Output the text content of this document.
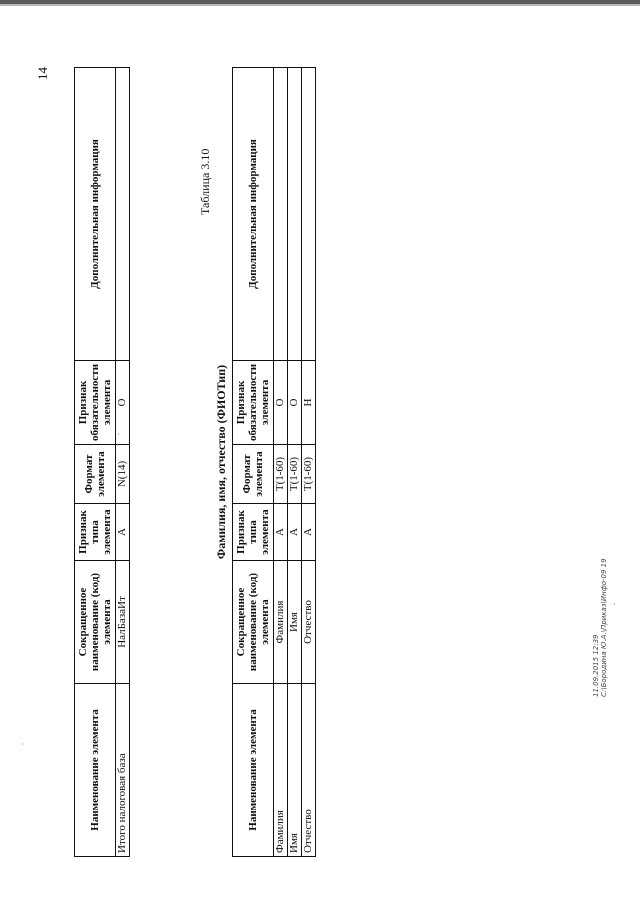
14
Наименование элемента	Сокращенное наименование (код) элемента	Признак типа элемента	Формат элемента	Признак обязательности элемента	Дополнительная информация
Итого налоговая база	НалБазаИт	А	N(14)	О	
Таблица 3.10
Фамилия, имя, отчество (ФИОТип)
Наименование элемента	Сокращенное наименование (код) элемента	Признак типа элемента	Формат элемента	Признак обязательности элемента	Дополнительная информация
Фамилия	Фамилия	А	T(1-60)	О	
Имя	Имя	А	T(1-60)	О	
Отчество	Отчество	А	T(1-60)	Н	
11.09.2015 12:39 С:\Бородина Ю.А.\Приказ\Инфо-09 19
